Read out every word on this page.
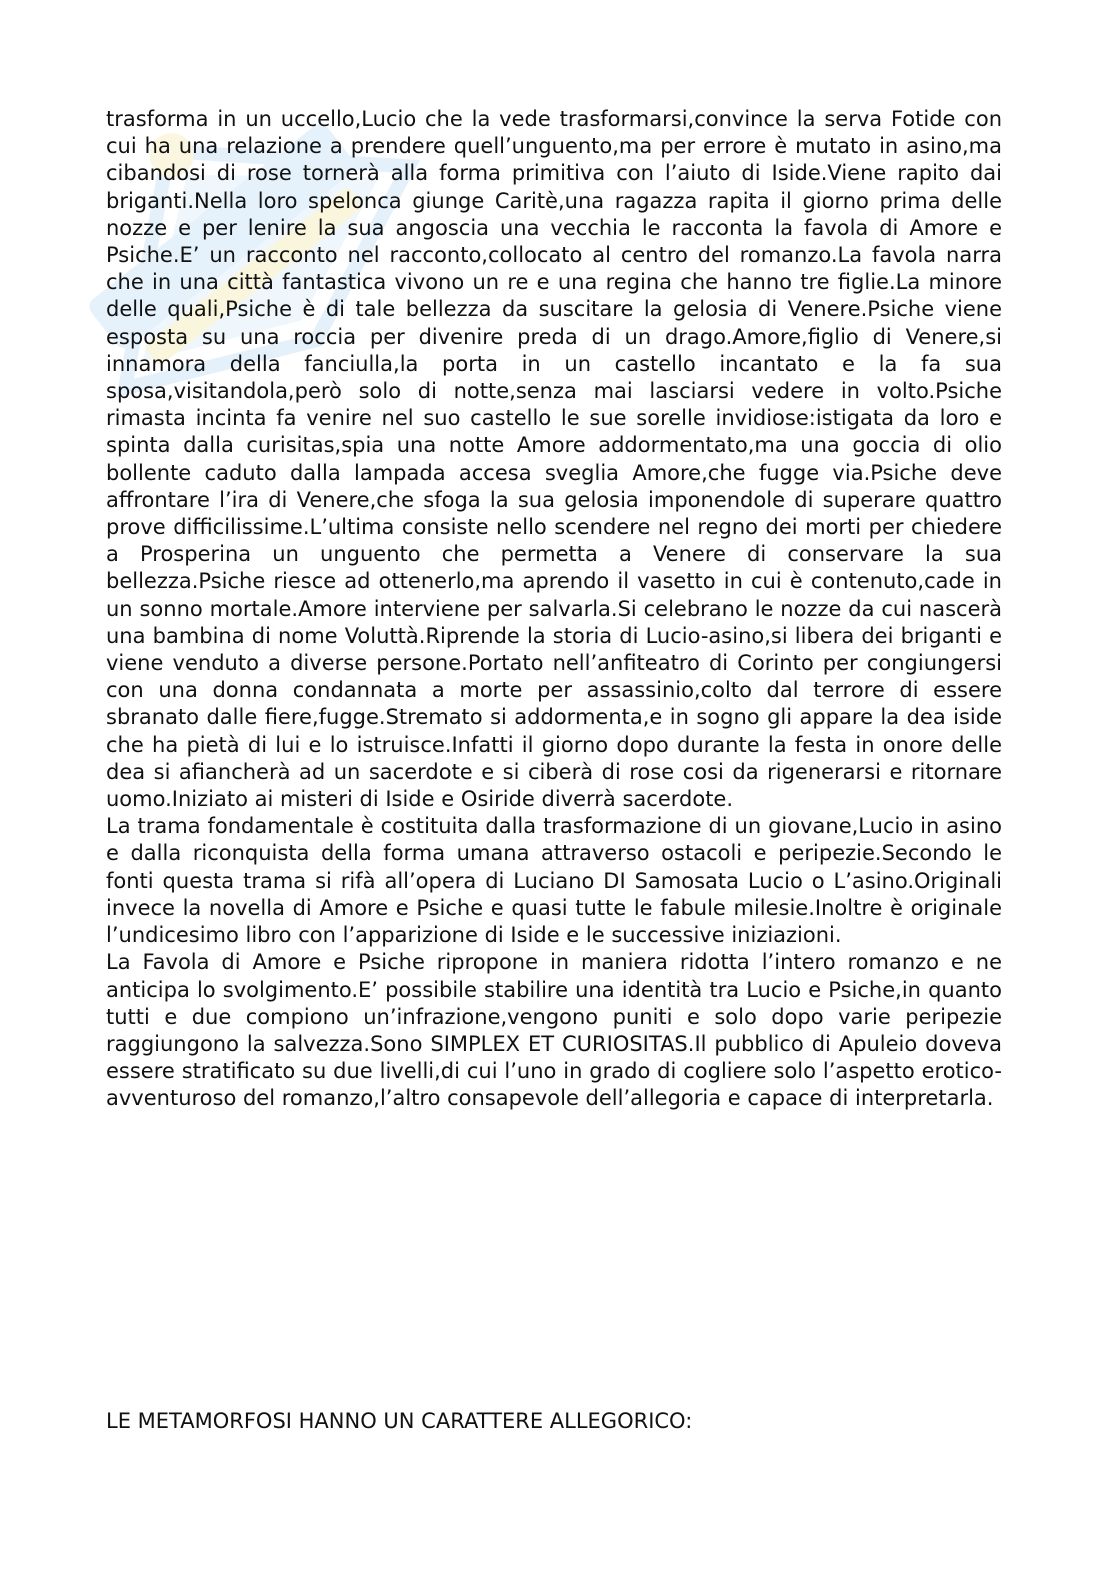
trasforma in un uccello,Lucio che la vede trasformarsi,convince la serva Fotide con cui ha una relazione a prendere quell’unguento,ma per errore è mutato in asino,ma cibandosi di rose tornerà alla forma primitiva con l’aiuto di Iside.Viene rapito dai briganti.Nella loro spelonca giunge Caritè,una ragazza rapita il giorno prima delle nozze e per lenire la sua angoscia una vecchia le racconta la favola di Amore e Psiche.E’ un racconto nel racconto,collocato al centro del romanzo.La favola narra che in una città fantastica vivono un re e una regina che hanno tre figlie.La minore delle quali,Psiche è di tale bellezza da suscitare la gelosia di Venere.Psiche viene esposta su una roccia per divenire preda di un drago.Amore,figlio di Venere,si innamora della fanciulla,la porta in un castello incantato e la fa sua sposa,visitandola,però solo di notte,senza mai lasciarsi vedere in volto.Psiche rimasta incinta fa venire nel suo castello le sue sorelle invidiose:istigata da loro e spinta dalla curisitas,spia una notte Amore addormentato,ma una goccia di olio bollente caduto dalla lampada accesa sveglia Amore,che fugge via.Psiche deve affrontare l’ira di Venere,che sfoga la sua gelosia imponendole di superare quattro prove difficilissime.L’ultima consiste nello scendere nel regno dei morti per chiedere a Prosperina un unguento che permetta a Venere di conservare la sua bellezza.Psiche riesce ad ottenerlo,ma aprendo il vasetto in cui è contenuto,cade in un sonno mortale.Amore interviene per salvarla.Si celebrano le nozze da cui nascerà una bambina di nome Voluttà.Riprende la storia di Lucio-asino,si libera dei briganti e viene venduto a diverse persone.Portato nell’anfiteatro di Corinto per congiungersi con una donna condannata a morte per assassinio,colto dal terrore di essere sbranato dalle fiere,fugge.Stremato si addormenta,e in sogno gli appare la dea iside che ha pietà di lui e lo istruisce.Infatti il giorno dopo durante la festa in onore delle dea si afiancherà ad un sacerdote e si ciberà di rose cosi da rigenerarsi e ritornare uomo.Iniziato ai misteri di Iside e Osiride diverrà sacerdote.

La trama fondamentale è costituita dalla trasformazione di un giovane,Lucio in asino e dalla riconquista della forma umana attraverso ostacoli e peripezie.Secondo le fonti questa trama si rifà all’opera di Luciano DI Samosata Lucio o L’asino.Originali invece la novella di Amore e Psiche e quasi tutte le fabule milesie.Inoltre è originale l’undicesimo libro con l’apparizione di Iside e le successive iniziazioni.

La Favola di Amore e Psiche ripropone in maniera ridotta l’intero romanzo e ne anticipa lo svolgimento.E’ possibile stabilire una identità tra Lucio e Psiche,in quanto tutti e due compiono un’infrazione,vengono puniti e solo dopo varie peripezie raggiungono la salvezza.Sono SIMPLEX ET CURIOSITAS.Il pubblico di Apuleio doveva essere stratificato su due livelli,di cui l’uno in grado di cogliere solo l’aspetto erotico-avventuroso del romanzo,l’altro consapevole dell’allegoria e capace di interpretarla.

LE METAMORFOSI HANNO UN CARATTERE ALLEGORICO:
